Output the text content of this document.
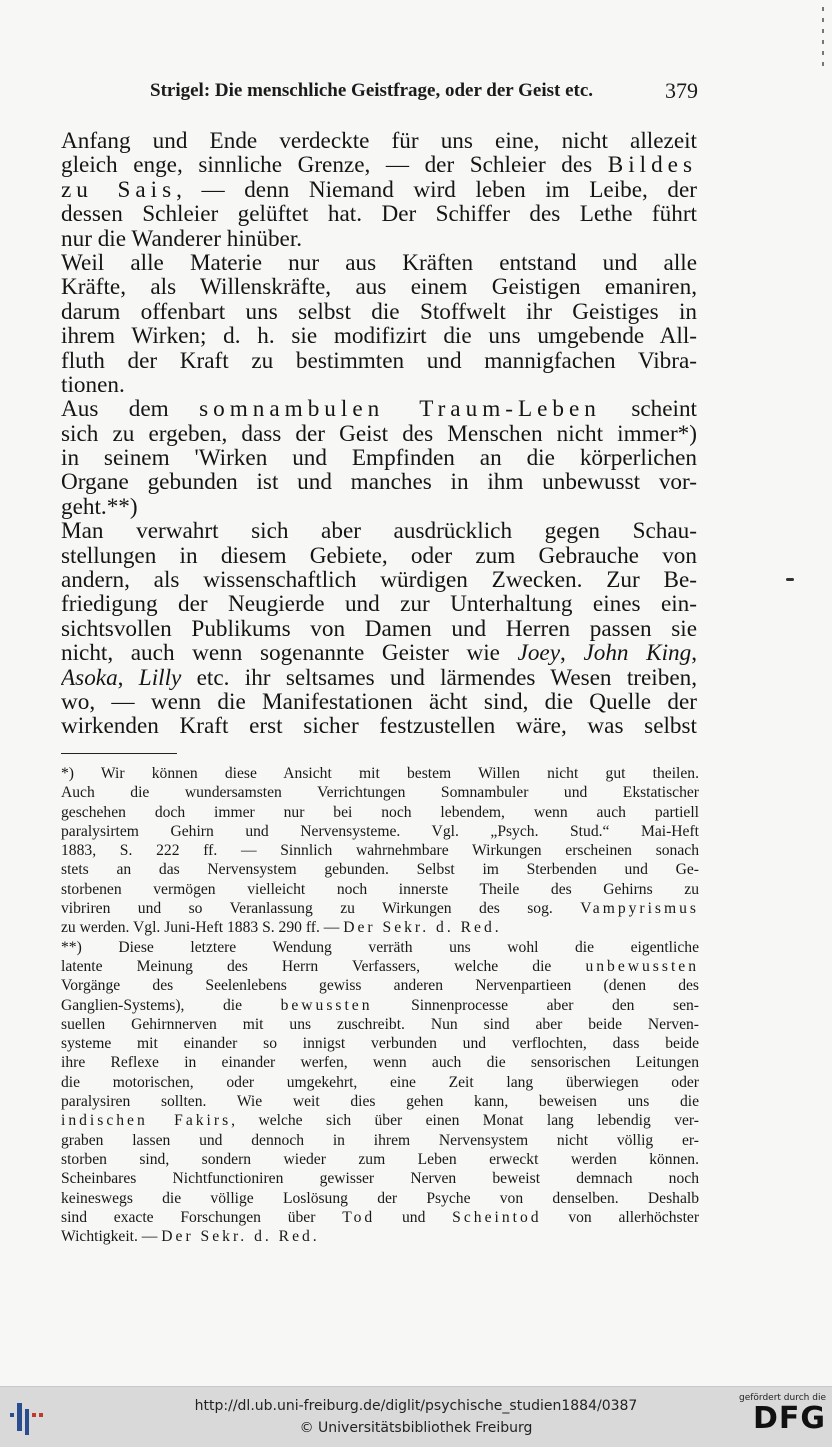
Strigel: Die menschliche Geistfrage, oder der Geist etc.	379
Anfang und Ende verdeckte für uns eine, nicht allezeit
gleich enge, sinnliche Grenze, — der Schleier des Bildes
zu Sais, — denn Niemand wird leben im Leibe, der
dessen Schleier gelüftet hat. Der Schiffer des Lethe führt
nur die Wanderer hinüber.
Weil alle Materie nur aus Kräften entstand und alle
Kräfte, als Willenskräfte, aus einem Geistigen emaniren,
darum offenbart uns selbst die Stoffwelt ihr Geistiges in
ihrem Wirken; d. h. sie modifizirt die uns umgebende All-
fluth der Kraft zu bestimmten und mannigfachen Vibra-
tionen.
Aus dem somnambulen Traum-Leben scheint
sich zu ergeben, dass der Geist des Menschen nicht immer*)
in seinem 'Wirken und Empfinden an die körperlichen
Organe gebunden ist und manches in ihm unbewusst vor-
geht.**)
Man verwahrt sich aber ausdrücklich gegen Schau-
stellungen in diesem Gebiete, oder zum Gebrauche von
andern, als wissenschaftlich würdigen Zwecken. Zur Be-
friedigung der Neugierde und zur Unterhaltung eines ein-
sichtsvollen Publikums von Damen und Herren passen sie
nicht, auch wenn sogenannte Geister wie Joey, John King,
Asoka, Lilly etc. ihr seltsames und lärmendes Wesen treiben,
wo, — wenn die Manifestationen ächt sind, die Quelle der
wirkenden Kraft erst sicher festzustellen wäre, was selbst
*) Wir können diese Ansicht mit bestem Willen nicht gut theilen.
Auch die wundersamsten Verrichtungen Somnambuler und Ekstatischer
geschehen doch immer nur bei noch lebendem, wenn auch partiell
paralysirtem Gehirn und Nervensysteme. Vgl. „Psych. Stud.“ Mai-Heft
1883, S. 222 ff. — Sinnlich wahrnehmbare Wirkungen erscheinen sonach
stets an das Nervensystem gebunden. Selbst im Sterbenden und Ge-
storbenen vermögen vielleicht noch innerste Theile des Gehirns zu
vibriren und so Veranlassung zu Wirkungen des sog. Vampyrismus
zu werden. Vgl. Juni-Heft 1883 S. 290 ff. — Der Sekr. d. Red.
**) Diese letztere Wendung verräth uns wohl die eigentliche
latente Meinung des Herrn Verfassers, welche die unbewussten
Vorgänge des Seelenlebens gewiss anderen Nervenpartieen (denen des
Ganglien-Systems), die bewussten Sinnenprocesse aber den sen-
suellen Gehirnnerven mit uns zuschreibt. Nun sind aber beide Nerven-
systeme mit einander so innigst verbunden und verflochten, dass beide
ihre Reflexe in einander werfen, wenn auch die sensorischen Leitungen
die motorischen, oder umgekehrt, eine Zeit lang überwiegen oder
paralysiren sollten. Wie weit dies gehen kann, beweisen uns die
indischen Fakirs, welche sich über einen Monat lang lebendig ver-
graben lassen und dennoch in ihrem Nervensystem nicht völlig er-
storben sind, sondern wieder zum Leben erweckt werden können.
Scheinbares Nichtfunctioniren gewisser Nerven beweist demnach noch
keineswegs die völlige Loslösung der Psyche von denselben. Deshalb
sind exacte Forschungen über Tod und Scheintod von allerhöchster
Wichtigkeit. — Der Sekr. d. Red.
http://dl.ub.uni-freiburg.de/diglit/psychische_studien1884/0387
© Universitätsbibliothek Freiburg
gefördert durch die
DFG
